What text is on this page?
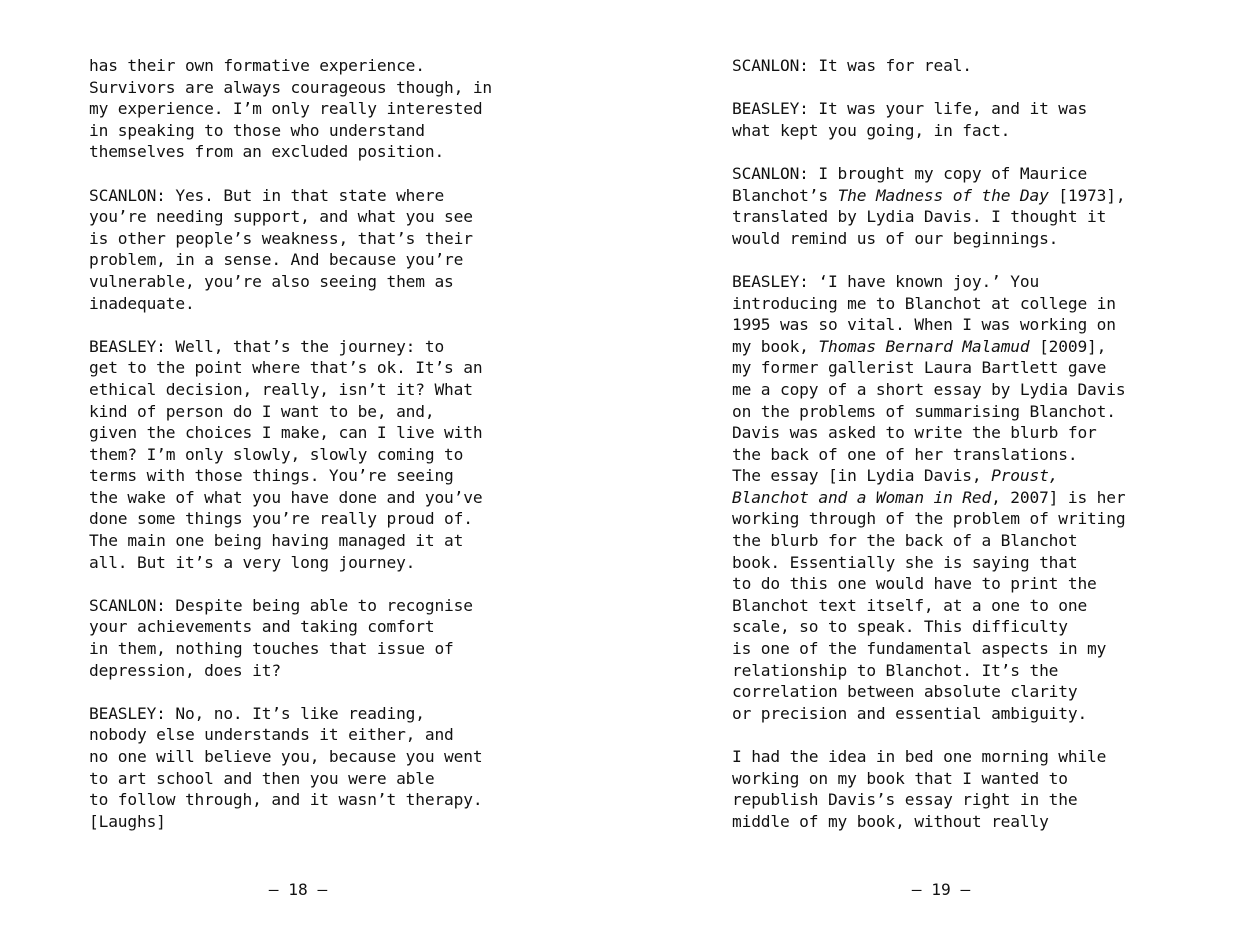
has their own formative experience.
Survivors are always courageous though, in
my experience. I’m only really interested
in speaking to those who understand
themselves from an excluded position.
SCANLON: Yes. But in that state where
you’re needing support, and what you see
is other people’s weakness, that’s their
problem, in a sense. And because you’re
vulnerable, you’re also seeing them as
inadequate.
BEASLEY: Well, that’s the journey: to
get to the point where that’s ok. It’s an
ethical decision, really, isn’t it? What
kind of person do I want to be, and,
given the choices I make, can I live with
them? I’m only slowly, slowly coming to
terms with those things. You’re seeing
the wake of what you have done and you’ve
done some things you’re really proud of.
The main one being having managed it at
all. But it’s a very long journey.
SCANLON: Despite being able to recognise
your achievements and taking comfort
in them, nothing touches that issue of
depression, does it?
BEASLEY: No, no. It’s like reading,
nobody else understands it either, and
no one will believe you, because you went
to art school and then you were able
to follow through, and it wasn’t therapy.
[Laughs]
— 18 —
SCANLON: It was for real.
BEASLEY: It was your life, and it was
what kept you going, in fact.
SCANLON: I brought my copy of Maurice
Blanchot’s The Madness of the Day [1973],
translated by Lydia Davis. I thought it
would remind us of our beginnings.
BEASLEY: ‘I have known joy.’ You
introducing me to Blanchot at college in
1995 was so vital. When I was working on
my book, Thomas Bernard Malamud [2009],
my former gallerist Laura Bartlett gave
me a copy of a short essay by Lydia Davis
on the problems of summarising Blanchot.
Davis was asked to write the blurb for
the back of one of her translations.
The essay [in Lydia Davis, Proust,
Blanchot and a Woman in Red, 2007] is her
working through of the problem of writing
the blurb for the back of a Blanchot
book. Essentially she is saying that
to do this one would have to print the
Blanchot text itself, at a one to one
scale, so to speak. This difficulty
is one of the fundamental aspects in my
relationship to Blanchot. It’s the
correlation between absolute clarity
or precision and essential ambiguity.
I had the idea in bed one morning while
working on my book that I wanted to
republish Davis’s essay right in the
middle of my book, without really
— 19 —
